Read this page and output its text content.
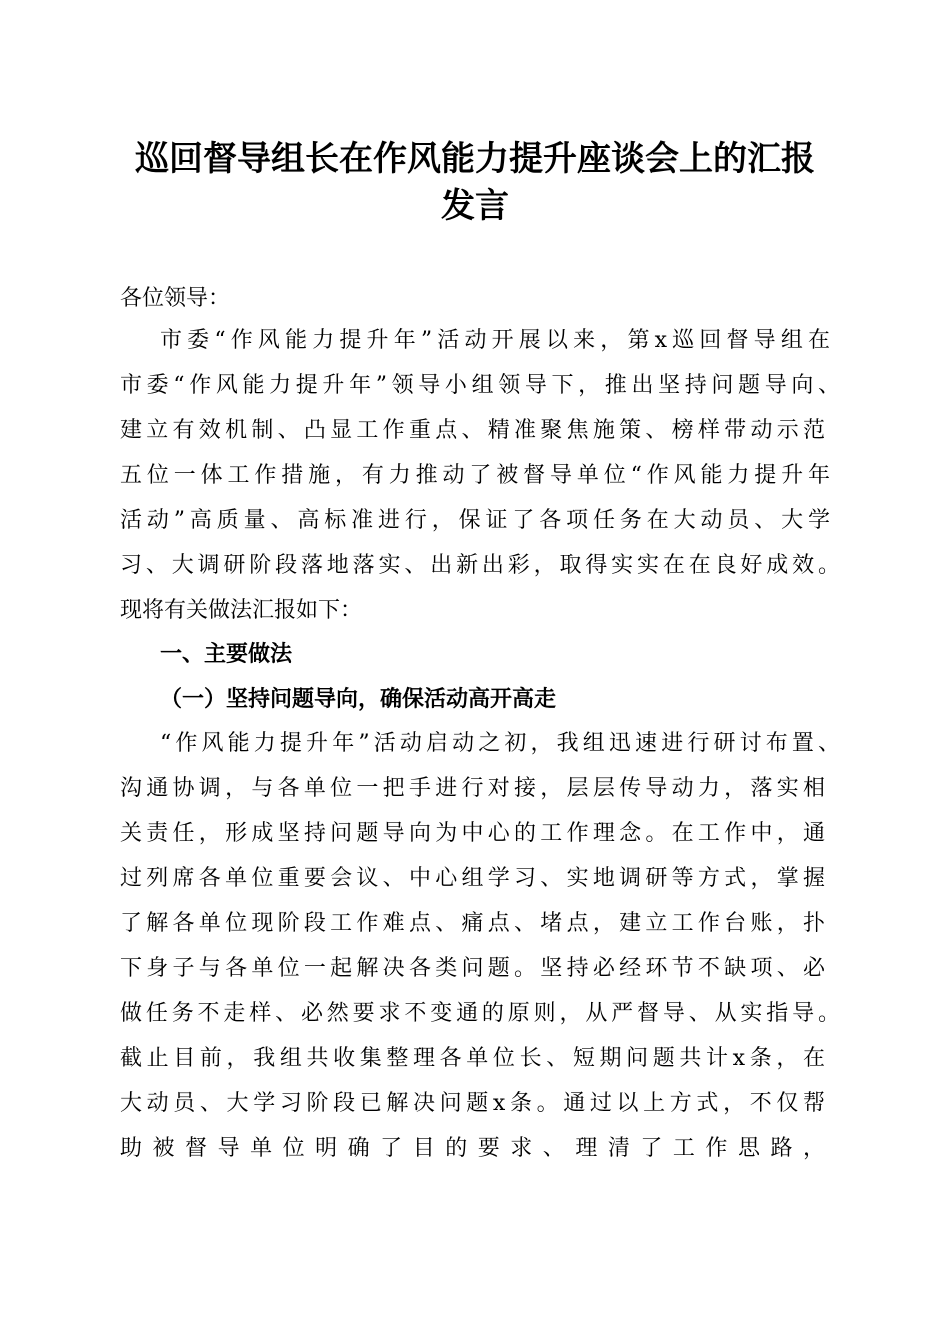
巡回督导组长在作风能力提升座谈会上的汇报
发言
各位领导：
市委“作风能力提升年”活动开展以来，第x巡回督导组在
市委“作风能力提升年”领导小组领导下，推出坚持问题导向、
建立有效机制、凸显工作重点、精准聚焦施策、榜样带动示范
五位一体工作措施，有力推动了被督导单位“作风能力提升年
活动”高质量、高标准进行，保证了各项任务在大动员、大学
习、大调研阶段落地落实、出新出彩，取得实实在在良好成效。
现将有关做法汇报如下：
一、主要做法
（一）坚持问题导向，确保活动高开高走
“作风能力提升年”活动启动之初，我组迅速进行研讨布置、
沟通协调，与各单位一把手进行对接，层层传导动力，落实相
关责任，形成坚持问题导向为中心的工作理念。在工作中，通
过列席各单位重要会议、中心组学习、实地调研等方式，掌握
了解各单位现阶段工作难点、痛点、堵点，建立工作台账，扑
下身子与各单位一起解决各类问题。坚持必经环节不缺项、必
做任务不走样、必然要求不变通的原则，从严督导、从实指导。
截止目前，我组共收集整理各单位长、短期问题共计x条，在
大动员、大学习阶段已解决问题x条。通过以上方式，不仅帮
助被督导单位明确了目的要求、理清了工作思路，
